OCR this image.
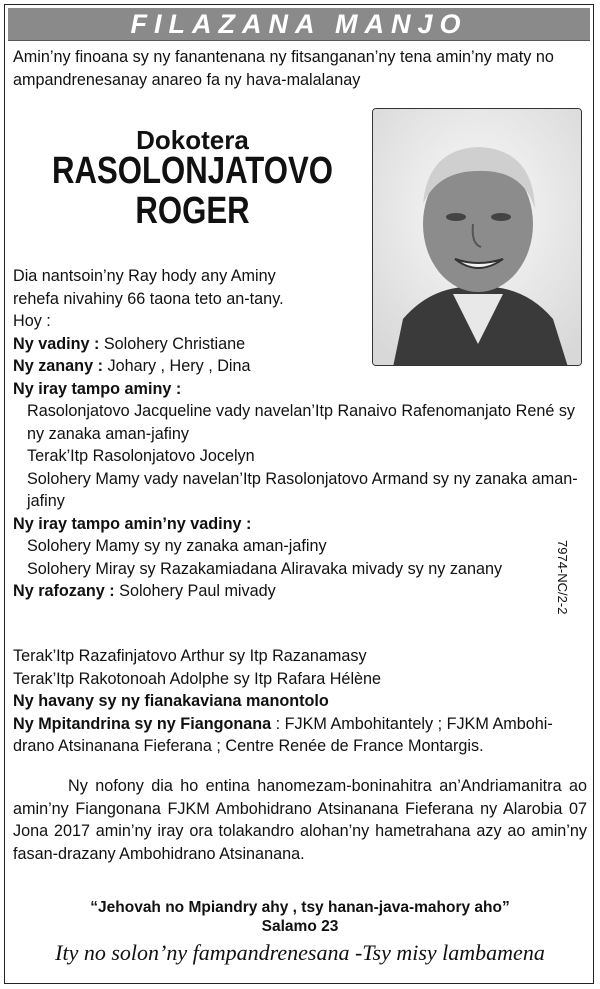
FILAZANA MANJO
Amin’ny finoana sy ny fanantenana ny fitsanganan’ny tena amin’ny maty no ampandrenesanay anareo fa ny hava-malalanay
Dokotera
RASOLONJATOVO
ROGER
Dia nantsoin’ny Ray hody any Aminy
rehefa nivahiny 66 taona teto an-tany.
Hoy :
Ny vadiny : Solohery Christiane
Ny zanany : Johary , Hery , Dina
Ny iray tampo aminy :
Rasolonjatovo Jacqueline vady navelan’Itp Ranaivo Rafenomanjato René sy ny zanaka aman-jafiny
Terak’Itp Rasolonjatovo Jocelyn
Solohery Mamy vady navelan’Itp Rasolonjatovo Armand sy ny zanaka aman-jafiny
Ny iray tampo amin’ny vadiny :
Solohery Mamy sy ny zanaka aman-jafiny
Solohery Miray sy Razakamiadana Aliravaka mivady sy ny zanany
Ny rafozany : Solohery Paul mivady	7974-NC/2-2
Terak’Itp Razafinjatovo Arthur sy Itp Razanamasy
Terak’Itp Rakotonoah Adolphe sy Itp Rafara Hélène
Ny havany sy ny fianakaviana manontolo
Ny Mpitandrina sy ny Fiangonana : FJKM Ambohitantely ; FJKM Ambohi-drano Atsinanana Fieferana ; Centre Renée de France Montargis.
Ny nofony dia ho entina hanomezam-boninahitra an’Andriamanitra ao amin’ny Fiangonana FJKM Ambohidrano Atsinanana Fieferana ny Alarobia 07 Jona 2017 amin’ny iray ora tolakandro alohan’ny hametrahana azy ao amin’ny fasan-drazany Ambohidrano Atsinanana.
“Jehovah no Mpiandry ahy , tsy hanan-java-mahory aho”
Salamo 23
Ity no solon’ny fampandrenesana -Tsy misy lambamena
